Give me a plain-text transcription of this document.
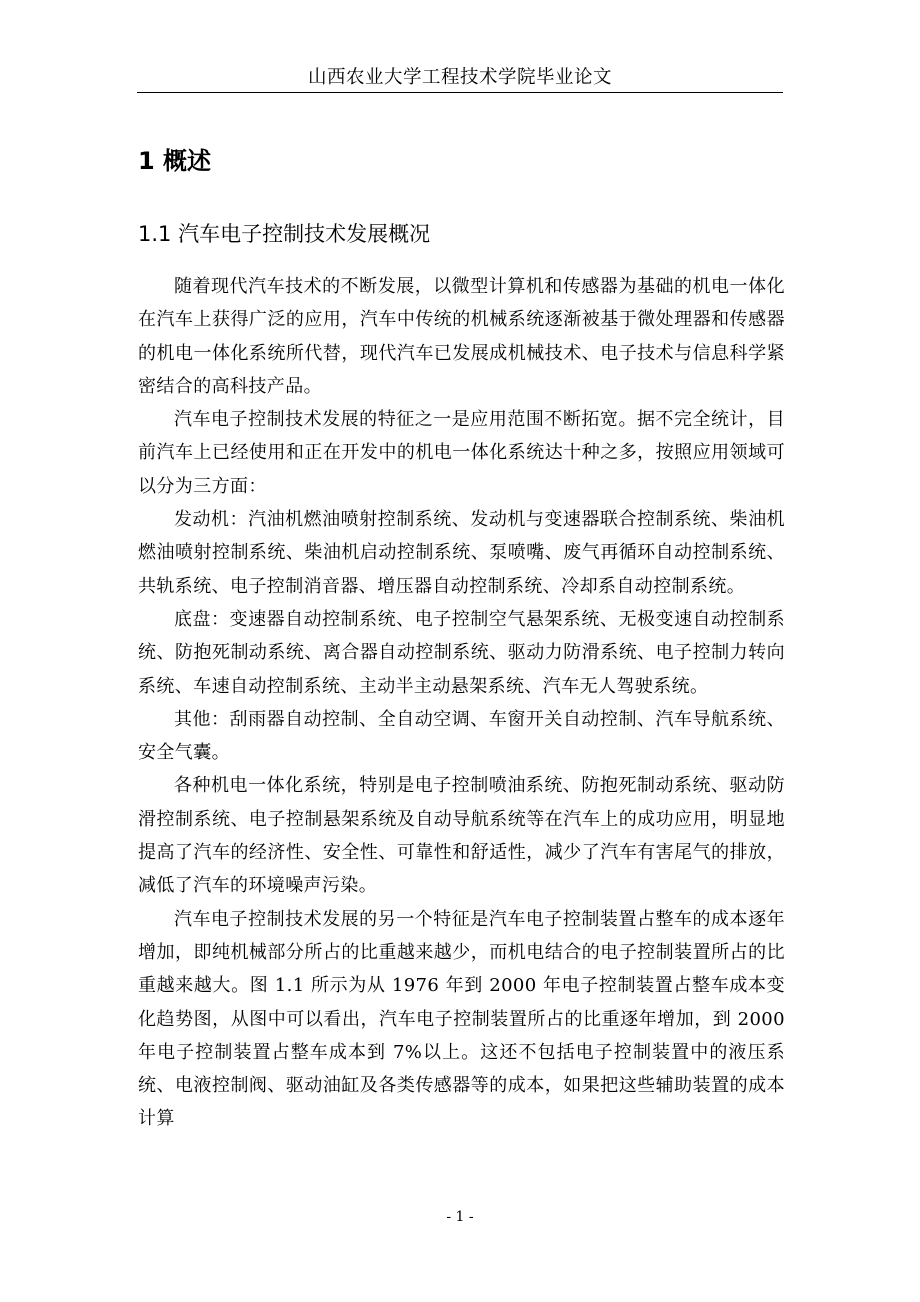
山西农业大学工程技术学院毕业论文
1 概述
1.1 汽车电子控制技术发展概况

随着现代汽车技术的不断发展，以微型计算机和传感器为基础的机电一体化在汽车上获得广泛的应用，汽车中传统的机械系统逐渐被基于微处理器和传感器的机电一体化系统所代替，现代汽车已发展成机械技术、电子技术与信息科学紧密结合的高科技产品。

汽车电子控制技术发展的特征之一是应用范围不断拓宽。据不完全统计，目前汽车上已经使用和正在开发中的机电一体化系统达十种之多，按照应用领域可以分为三方面：

发动机：汽油机燃油喷射控制系统、发动机与变速器联合控制系统、柴油机燃油喷射控制系统、柴油机启动控制系统、泵喷嘴、废气再循环自动控制系统、共轨系统、电子控制消音器、增压器自动控制系统、冷却系自动控制系统。

底盘：变速器自动控制系统、电子控制空气悬架系统、无极变速自动控制系统、防抱死制动系统、离合器自动控制系统、驱动力防滑系统、电子控制力转向系统、车速自动控制系统、主动半主动悬架系统、汽车无人驾驶系统。

其他：刮雨器自动控制、全自动空调、车窗开关自动控制、汽车导航系统、安全气囊。

各种机电一体化系统，特别是电子控制喷油系统、防抱死制动系统、驱动防滑控制系统、电子控制悬架系统及自动导航系统等在汽车上的成功应用，明显地提高了汽车的经济性、安全性、可靠性和舒适性，减少了汽车有害尾气的排放，减低了汽车的环境噪声污染。

汽车电子控制技术发展的另一个特征是汽车电子控制装置占整车的成本逐年增加，即纯机械部分所占的比重越来越少，而机电结合的电子控制装置所占的比重越来越大。图 1.1 所示为从 1976 年到 2000 年电子控制装置占整车成本变化趋势图，从图中可以看出，汽车电子控制装置所占的比重逐年增加，到 2000 年电子控制装置占整车成本到 7%以上。这还不包括电子控制装置中的液压系统、电液控制阀、驱动油缸及各类传感器等的成本，如果把这些辅助装置的成本计算

- 1 -
